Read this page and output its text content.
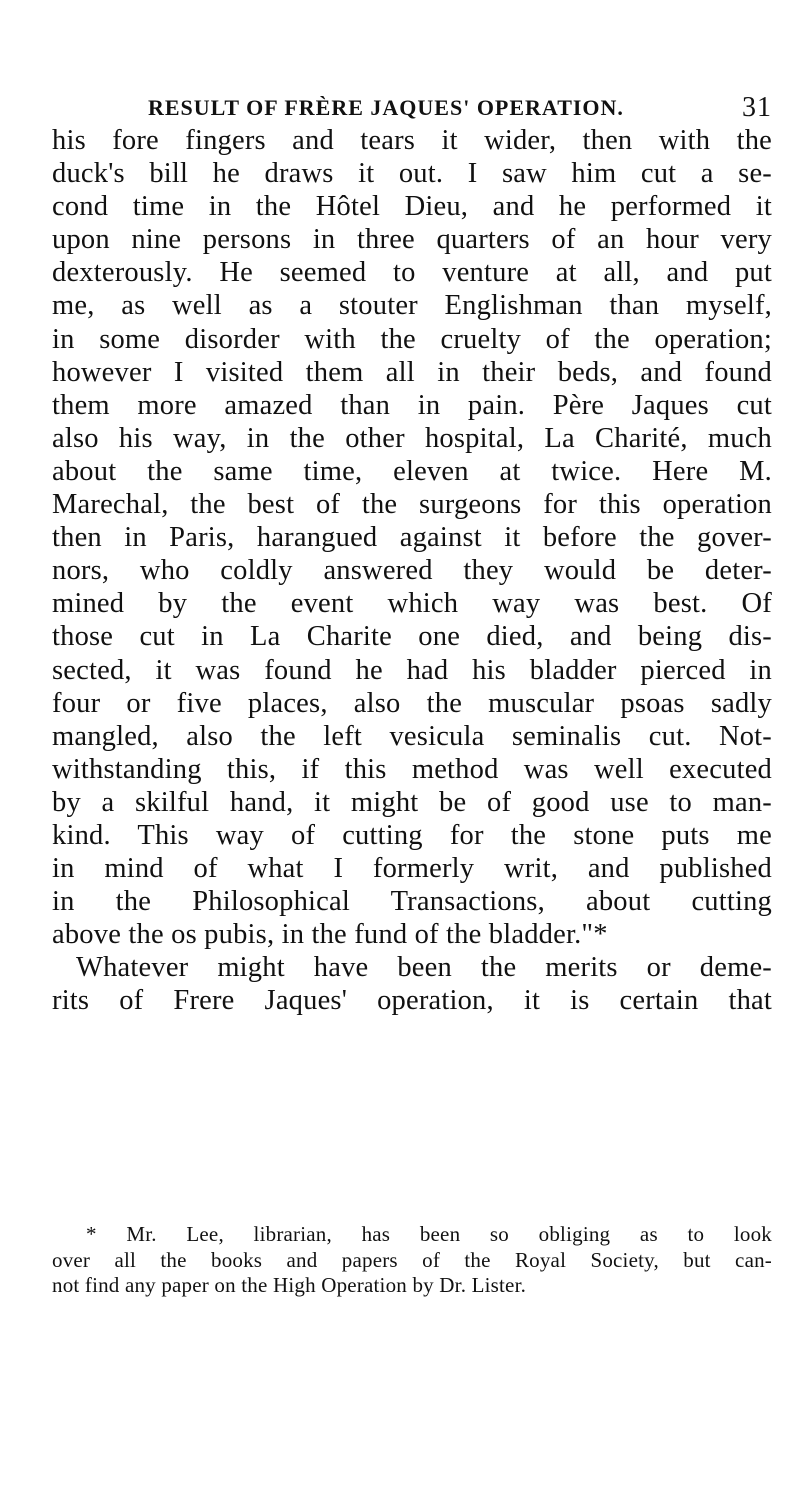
RESULT OF FRÈRE JAQUES' OPERATION.	31
his fore fingers and tears it wider, then with the
duck's bill he draws it out. I saw him cut a se-
cond time in the Hôtel Dieu, and he performed it
upon nine persons in three quarters of an hour very
dexterously. He seemed to venture at all, and put
me, as well as a stouter Englishman than myself,
in some disorder with the cruelty of the operation;
however I visited them all in their beds, and found
them more amazed than in pain. Père Jaques cut
also his way, in the other hospital, La Charité, much
about the same time, eleven at twice. Here M.
Marechal, the best of the surgeons for this operation
then in Paris, harangued against it before the gover-
nors, who coldly answered they would be deter-
mined by the event which way was best. Of
those cut in La Charite one died, and being dis-
sected, it was found he had his bladder pierced in
four or five places, also the muscular psoas sadly
mangled, also the left vesicula seminalis cut. Not-
withstanding this, if this method was well executed
by a skilful hand, it might be of good use to man-
kind. This way of cutting for the stone puts me
in mind of what I formerly writ, and published
in the Philosophical Transactions, about cutting
above the os pubis, in the fund of the bladder."*
Whatever might have been the merits or deme-
rits of Frere Jaques' operation, it is certain that
* Mr. Lee, librarian, has been so obliging as to look
over all the books and papers of the Royal Society, but can-
not find any paper on the High Operation by Dr. Lister.
